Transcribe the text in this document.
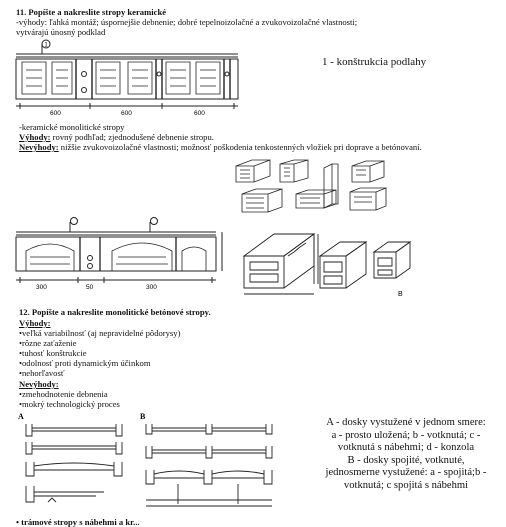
11. Popíšte a nakreslite stropy keramické
-výhody: ľahká montáž; úspornejšie debnenie; dobré tepelnoizolačné a zvukovoizolačné vlastnosti;
vytvárajú únosný podklad
1
600	600	600
1 - konštrukcia podlahy
-keramické monolitické stropy
Výhody: rovný podhľad; zjednodušené debnenie stropu.
Nevýhody: nižšie zvukovoizolačné vlastnosti; možnosť poškodenia tenkostenných vložiek pri doprave a betónovaní.
300	50	300
B
12. Popíšte a nakreslite monolitické betónové stropy.
Výhody:
•veľká variabilnosť (aj nepravidelné pôdorysy)
•rôzne zaťaženie
•tuhosť konštrukcie
•odolnosť proti dynamickým účinkom
•nehorľavosť
Nevýhody:
•zmehodnotenie debnenia
•mokrý technologický proces
A	B
A - dosky vystužené v jednom smere:
a - prosto uložená; b - votknutá; c -
votknutá s nábehmi; d - konzola
B - dosky spojité, votknuté,
jednosmerne vystužené: a - spojitá;b -
votknutá; c spojitá s nábehmi
• trámové stropy s nábehmi a kr...
